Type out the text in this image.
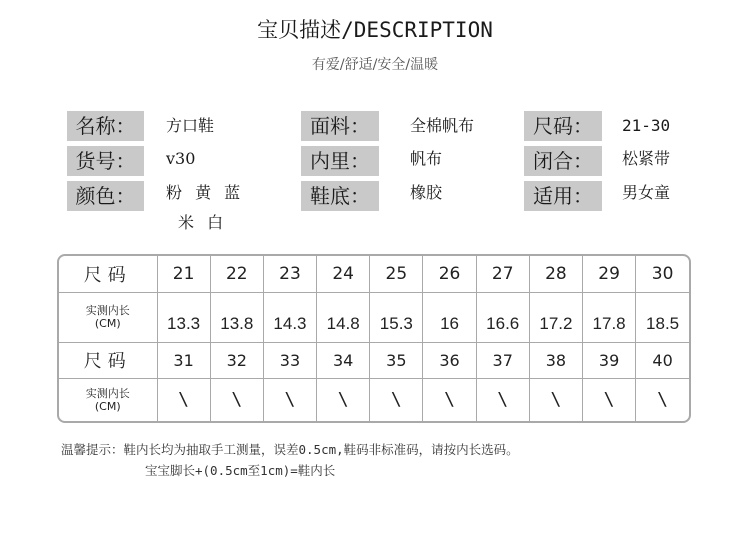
宝贝描述/DESCRIPTION
有爱/舒适/安全/温暖
名称：	方口鞋
货号：	v30
颜色：	粉 黄 蓝
米 白
面料：	全棉帆布
内里：	帆布
鞋底：	橡胶
尺码：	21-30
闭合：	松紧带
适用：	男女童
尺码	21	22	23	24	25	26	27	28	29	30

实测内长
(CM)	13.3	13.8	14.3	14.8	15.3	16	16.6	17.2	17.8	18.5
尺码	31	32	33	34	35	36	37	38	39	40

实测内长
(CM)	\	\	\	\	\	\	\	\	\	\
温馨提示：鞋内长均为抽取手工测量，误差0.5cm,鞋码非标准码，请按内长选码。
宝宝脚长+(0.5cm至1cm)=鞋内长
